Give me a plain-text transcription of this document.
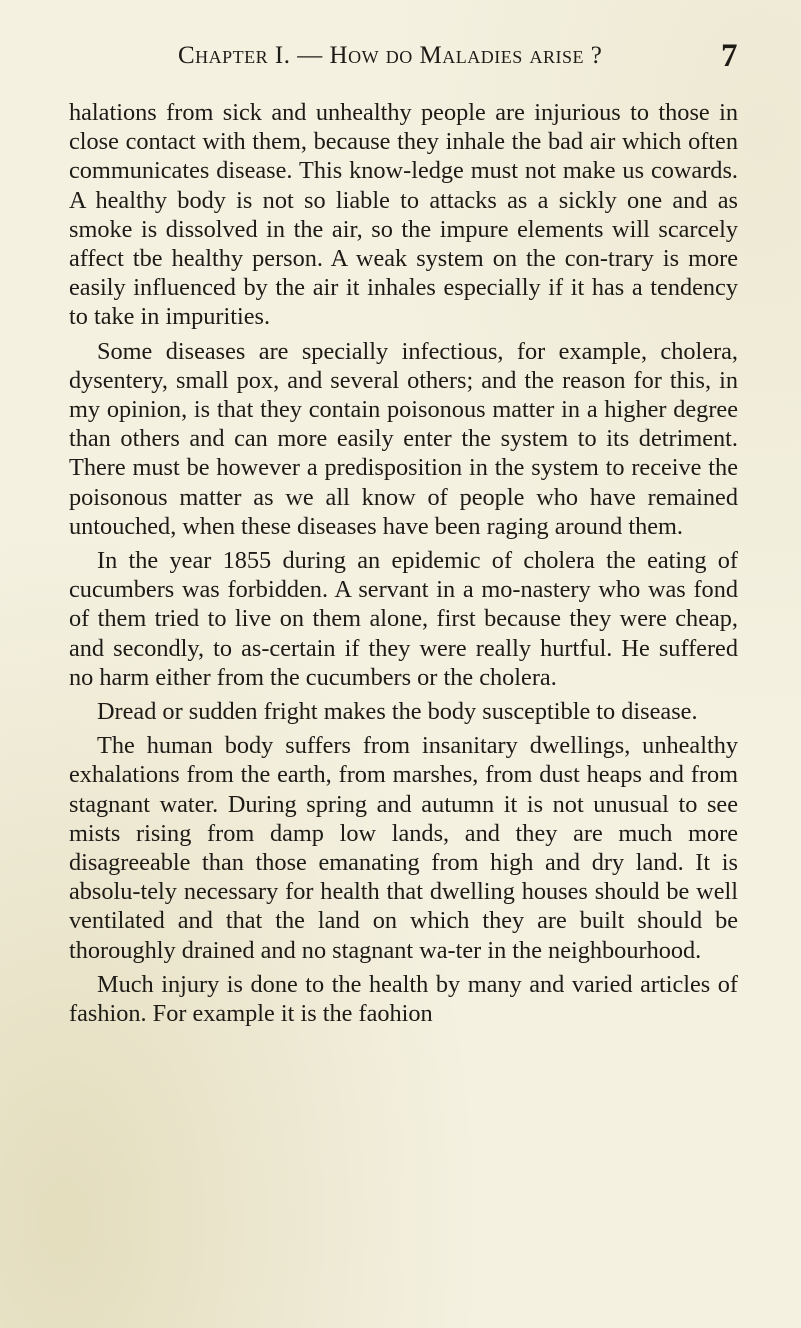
Chapter I. — How do Maladies arise ?	7

halations from sick and unhealthy people are injurious to those in close contact with them, because they inhale the bad air which often communicates disease. This know-ledge must not make us cowards. A healthy body is not so liable to attacks as a sickly one and as smoke is dissolved in the air, so the impure elements will scarcely affect tbe healthy person. A weak system on the con-trary is more easily influenced by the air it inhales especially if it has a tendency to take in impurities.

Some diseases are specially infectious, for example, cholera, dysentery, small pox, and several others; and the reason for this, in my opinion, is that they contain poisonous matter in a higher degree than others and can more easily enter the system to its detriment. There must be however a predisposition in the system to receive the poisonous matter as we all know of people who have remained untouched, when these diseases have been raging around them.

In the year 1855 during an epidemic of cholera the eating of cucumbers was forbidden. A servant in a mo-nastery who was fond of them tried to live on them alone, first because they were cheap, and secondly, to as-certain if they were really hurtful. He suffered no harm either from the cucumbers or the cholera.

Dread or sudden fright makes the body susceptible to disease.

The human body suffers from insanitary dwellings, unhealthy exhalations from the earth, from marshes, from dust heaps and from stagnant water. During spring and autumn it is not unusual to see mists rising from damp low lands, and they are much more disagreeable than those emanating from high and dry land. It is absolu-tely necessary for health that dwelling houses should be well ventilated and that the land on which they are built should be thoroughly drained and no stagnant wa-ter in the neighbourhood.

Much injury is done to the health by many and varied articles of fashion. For example it is the faohion
